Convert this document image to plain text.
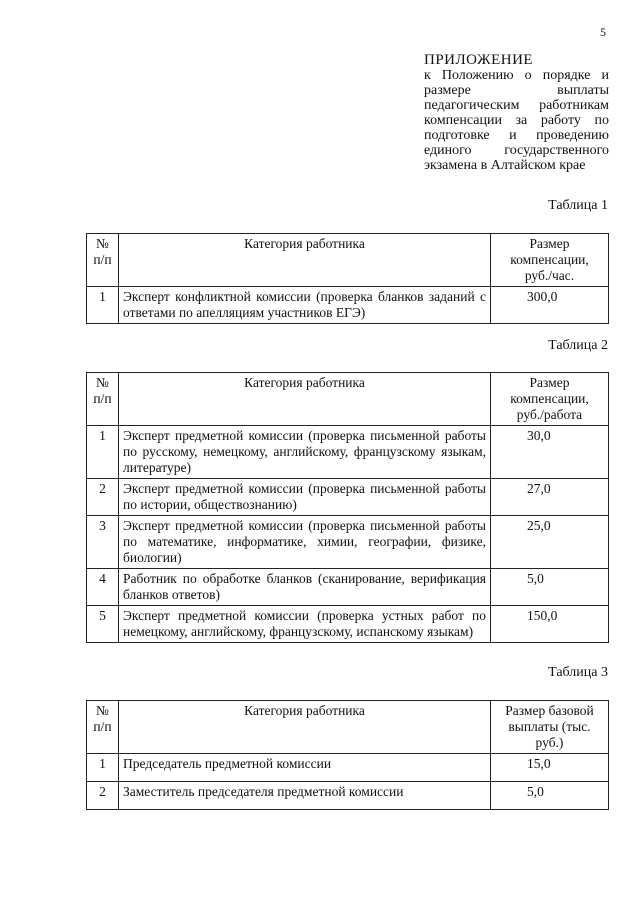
5
ПРИЛОЖЕНИЕ
к Положению о порядке и размере выплаты педагогическим работникам компенсации за работу по подготовке и проведению единого государственного экзамена в Алтайском крае
Таблица 1
№ п/п	Категория работника	Размер компенсации, руб./час.
1	Эксперт конфликтной комиссии (проверка бланков заданий с ответами по апелляциям участников ЕГЭ)	300,0
Таблица 2
№ п/п	Категория работника	Размер компенсации, руб./работа
1	Эксперт предметной комиссии (проверка письменной работы по русскому, немецкому, английскому, французскому языкам, литературе)	30,0
2	Эксперт предметной комиссии (проверка письменной работы по истории, обществознанию)	27,0
3	Эксперт предметной комиссии (проверка письменной работы по математике, информатике, химии, географии, физике, биологии)	25,0
4	Работник по обработке бланков (сканирование, верификация бланков ответов)	5,0
5	Эксперт предметной комиссии (проверка устных работ по немецкому, английскому, французскому, испанскому языкам)	150,0
Таблица 3
№ п/п	Категория работника	Размер базовой выплаты (тыс. руб.)
1	Председатель предметной комиссии	15,0
2	Заместитель председателя предметной комиссии	5,0
